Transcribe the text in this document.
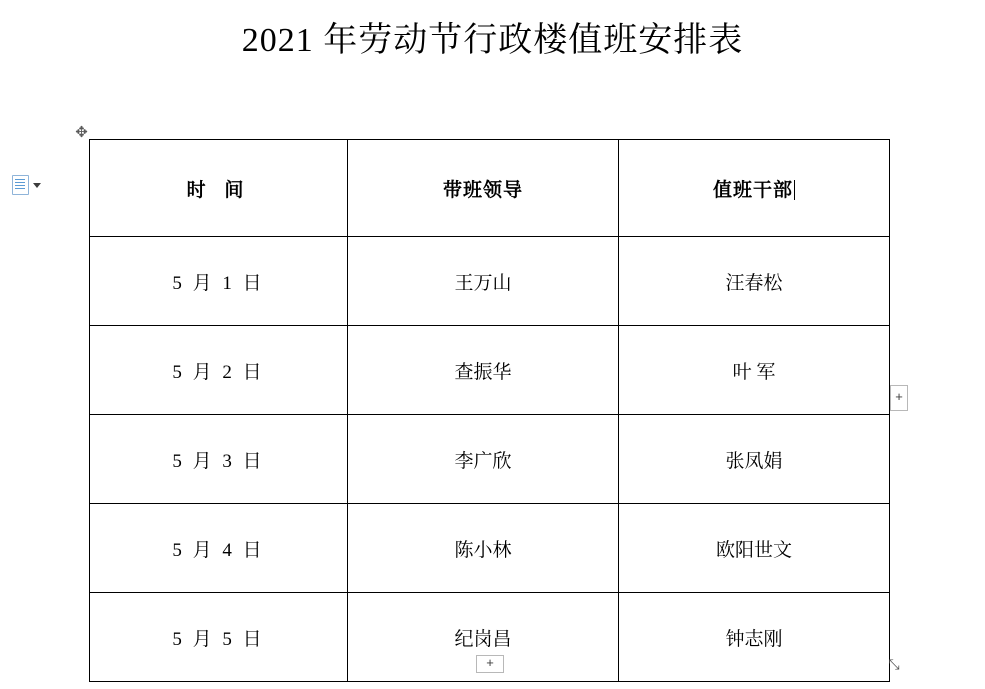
2021 年劳动节行政楼值班安排表
✥
时 间	带班领导	值班干部
5 月 1 日	王万山	汪春松
5 月 2 日	查振华	叶 军
5 月 3 日	李广欣	张凤娟
5 月 4 日	陈小林	欧阳世文
5 月 5 日	纪岗昌	钟志刚
+
+	⤡
